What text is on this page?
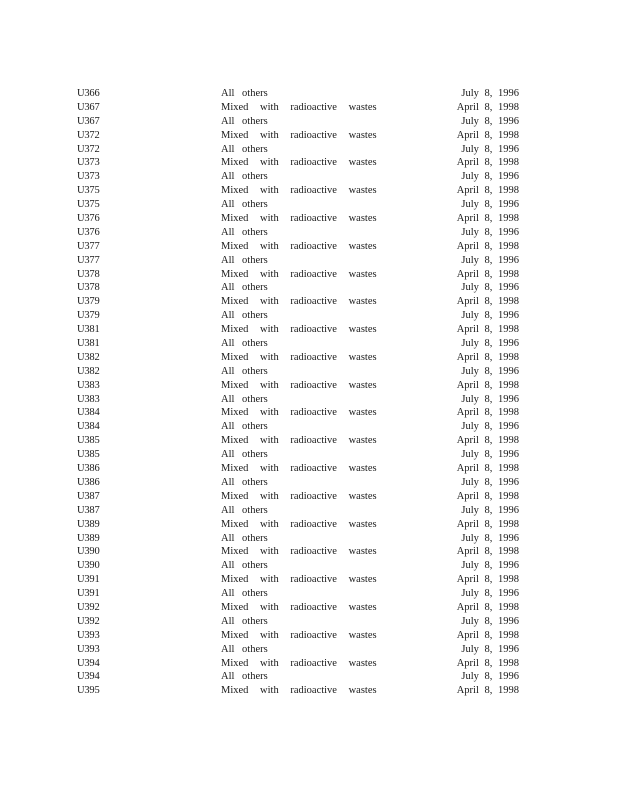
U366	All others	July 8, 1996
U367	Mixed with radioactive wastes	April 8, 1998
U367	All others	July 8, 1996
U372	Mixed with radioactive wastes	April 8, 1998
U372	All others	July 8, 1996
U373	Mixed with radioactive wastes	April 8, 1998
U373	All others	July 8, 1996
U375	Mixed with radioactive wastes	April 8, 1998
U375	All others	July 8, 1996
U376	Mixed with radioactive wastes	April 8, 1998
U376	All others	July 8, 1996
U377	Mixed with radioactive wastes	April 8, 1998
U377	All others	July 8, 1996
U378	Mixed with radioactive wastes	April 8, 1998
U378	All others	July 8, 1996
U379	Mixed with radioactive wastes	April 8, 1998
U379	All others	July 8, 1996
U381	Mixed with radioactive wastes	April 8, 1998
U381	All others	July 8, 1996
U382	Mixed with radioactive wastes	April 8, 1998
U382	All others	July 8, 1996
U383	Mixed with radioactive wastes	April 8, 1998
U383	All others	July 8, 1996
U384	Mixed with radioactive wastes	April 8, 1998
U384	All others	July 8, 1996
U385	Mixed with radioactive wastes	April 8, 1998
U385	All others	July 8, 1996
U386	Mixed with radioactive wastes	April 8, 1998
U386	All others	July 8, 1996
U387	Mixed with radioactive wastes	April 8, 1998
U387	All others	July 8, 1996
U389	Mixed with radioactive wastes	April 8, 1998
U389	All others	July 8, 1996
U390	Mixed with radioactive wastes	April 8, 1998
U390	All others	July 8, 1996
U391	Mixed with radioactive wastes	April 8, 1998
U391	All others	July 8, 1996
U392	Mixed with radioactive wastes	April 8, 1998
U392	All others	July 8, 1996
U393	Mixed with radioactive wastes	April 8, 1998
U393	All others	July 8, 1996
U394	Mixed with radioactive wastes	April 8, 1998
U394	All others	July 8, 1996
U395	Mixed with radioactive wastes	April 8, 1998
